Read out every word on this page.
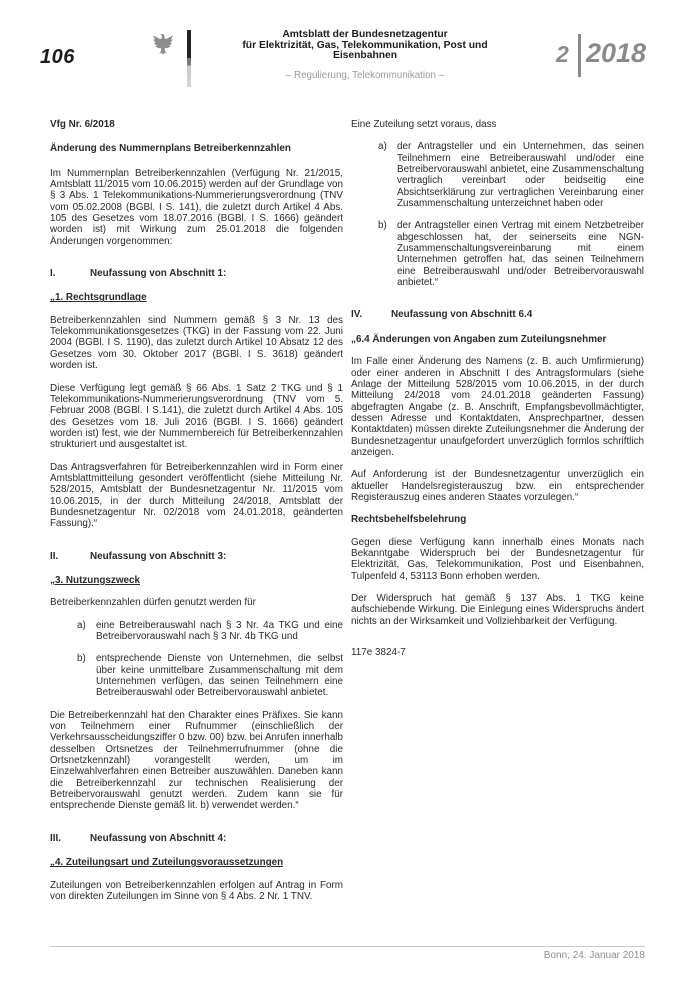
106
Amtsblatt der Bundesnetzagentur
für Elektrizität, Gas, Telekommunikation, Post und Eisenbahnen
– Regulierung, Telekommunikation –
2 2018

Vfg Nr. 6/2018

Änderung des Nummernplans Betreiberkennzahlen

Im Nummernplan Betreiberkennzahlen (Verfügung Nr. 21/2015, Amtsblatt 11/2015 vom 10.06.2015) werden auf der Grundlage von § 3 Abs. 1 Telekommunikations-Nummerierungsverordnung (TNV vom 05.02.2008 (BGBl. I S. 141), die zuletzt durch Artikel 4 Abs. 105 des Gesetzes vom 18.07.2016 (BGBl. I S. 1666) geändert worden ist) mit Wirkung zum 25.01.2018 die folgenden Änderungen vorgenommen:

I.	Neufassung von Abschnitt 1:

„1. Rechtsgrundlage

Betreiberkennzahlen sind Nummern gemäß § 3 Nr. 13 des Telekommunikationsgesetzes (TKG) in der Fassung vom 22. Juni 2004 (BGBl. I S. 1190), das zuletzt durch Artikel 10 Absatz 12 des Gesetzes vom 30. Oktober 2017 (BGBl. I S. 3618) geändert worden ist.

Diese Verfügung legt gemäß § 66 Abs. 1 Satz 2 TKG und § 1 Telekommunikations-Nummerierungsverordnung (TNV vom 5. Februar 2008 (BGBl. I S.141), die zuletzt durch Artikel 4 Abs. 105 des Gesetzes vom 18. Juli 2016 (BGBl. I S. 1666) geändert worden ist) fest, wie der Nummernbereich für Betreiberkennzahlen strukturiert und ausgestaltet ist.

Das Antragsverfahren für Betreiberkennzahlen wird in Form einer Amtsblattmitteilung gesondert veröffentlicht (siehe Mitteilung Nr. 528/2015, Amtsblatt der Bundesnetzagentur Nr. 11/2015 vom 10.06.2015, in der durch Mitteilung 24/2018, Amtsblatt der Bundesnetzagentur Nr. 02/2018 vom 24.01.2018, geänderten Fassung).“

II.	Neufassung von Abschnitt 3:

„3. Nutzungszweck

Betreiberkennzahlen dürfen genutzt werden für

a)	eine Betreiberauswahl nach § 3 Nr. 4a TKG und eine Betreibervorauswahl nach § 3 Nr. 4b TKG und
b)	entsprechende Dienste von Unternehmen, die selbst über keine unmittelbare Zusammenschaltung mit dem Unternehmen verfügen, das seinen Teilnehmern eine Betreiberauswahl oder Betreibervorauswahl anbietet.

Die Betreiberkennzahl hat den Charakter eines Präfixes. Sie kann von Teilnehmern einer Rufnummer (einschließlich der Verkehrsausscheidungsziffer 0 bzw. 00) bzw. bei Anrufen innerhalb desselben Ortsnetzes der Teilnehmerrufnummer (ohne die Ortsnetzkennzahl) vorangestellt werden, um im Einzelwahlverfahren einen Betreiber auszuwählen. Daneben kann die Betreiberkennzahl zur technischen Realisierung der Betreibervorauswahl genutzt werden. Zudem kann sie für entsprechende Dienste gemäß lit. b) verwendet werden.“

III.	Neufassung von Abschnitt 4:

„4. Zuteilungsart und Zuteilungsvoraussetzungen

Zuteilungen von Betreiberkennzahlen erfolgen auf Antrag in Form von direkten Zuteilungen im Sinne von § 4 Abs. 2 Nr. 1 TNV.

Eine Zuteilung setzt voraus, dass

a)	der Antragsteller und ein Unternehmen, das seinen Teilnehmern eine Betreiberauswahl und/oder eine Betreibervorauswahl anbietet, eine Zusammenschaltung vertraglich vereinbart oder beidseitig eine Absichtserklärung zur vertraglichen Vereinbarung einer Zusammenschaltung unterzeichnet haben oder
b)	der Antragsteller einen Vertrag mit einem Netzbetreiber abgeschlossen hat, der seinerseits eine NGN-Zusammenschaltungsvereinbarung mit einem Unternehmen getroffen hat, das seinen Teilnehmern eine Betreiberauswahl und/oder Betreibervorauswahl anbietet.“
IV.	Neufassung von Abschnitt 6.4

„6.4 Änderungen von Angaben zum Zuteilungsnehmer

Im Falle einer Änderung des Namens (z. B. auch Umfirmierung) oder einer anderen in Abschnitt I des Antragsformulars (siehe Anlage der Mitteilung 528/2015 vom 10.06.2015, in der durch Mitteilung 24/2018 vom 24.01.2018 geänderten Fassung) abgefragten Angabe (z. B. Anschrift, Empfangsbevollmächtigter, dessen Adresse und Kontaktdaten, Ansprechpartner, dessen Kontaktdaten) müssen direkte Zuteilungsnehmer die Änderung der Bundesnetzagentur unaufgefordert unverzüglich formlos schriftlich anzeigen.

Auf Anforderung ist der Bundesnetzagentur unverzüglich ein aktueller Handelsregisterauszug bzw. ein entsprechender Registerauszug eines anderen Staates vorzulegen.“

Rechtsbehelfsbelehrung

Gegen diese Verfügung kann innerhalb eines Monats nach Bekanntgabe Widerspruch bei der Bundesnetzagentur für Elektrizität, Gas, Telekommunikation, Post und Eisenbahnen, Tulpenfeld 4, 53113 Bonn erhoben werden.

Der Widerspruch hat gemäß § 137 Abs. 1 TKG keine aufschiebende Wirkung. Die Einlegung eines Widerspruchs ändert nichts an der Wirksamkeit und Vollziehbarkeit der Verfügung.

117e 3824-7

Bonn, 24. Januar 2018
